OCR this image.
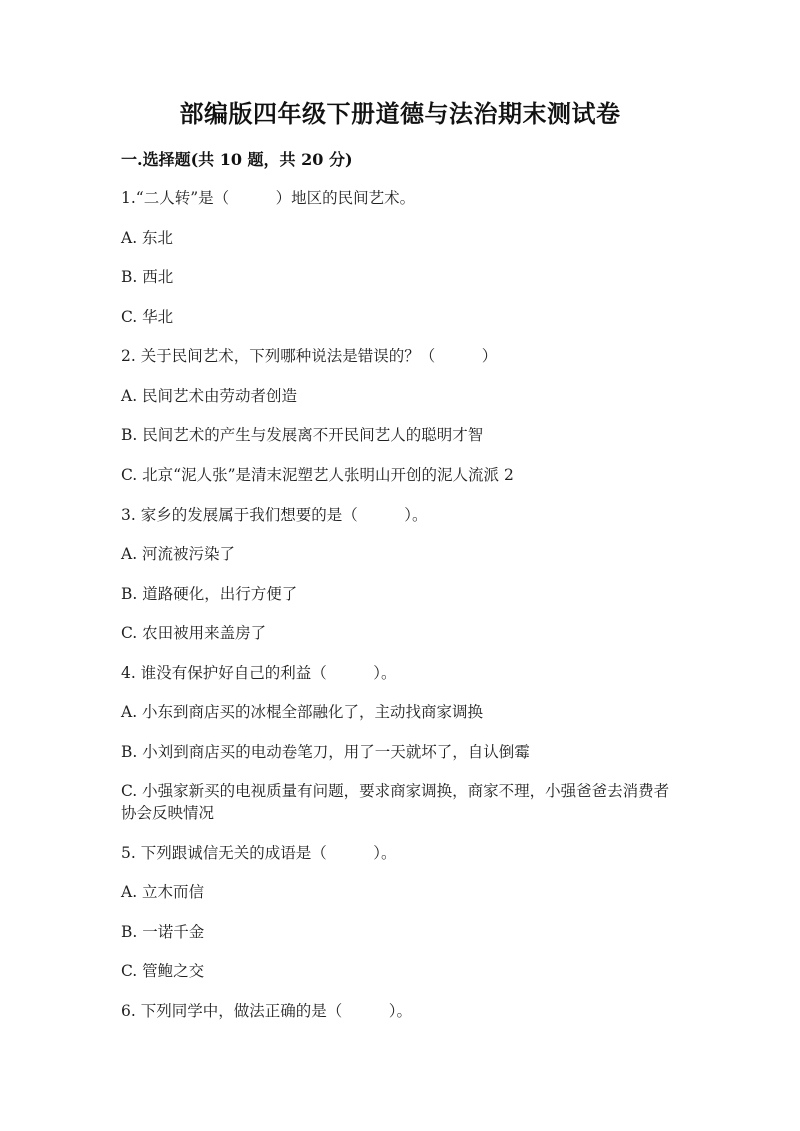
部编版四年级下册道德与法治期末测试卷
一.选择题(共 10 题，共 20 分)
1.“二人转”是（　　　）地区的民间艺术。
A. 东北
B. 西北
C. 华北
2. 关于民间艺术，下列哪种说法是错误的？（　　　）
A. 民间艺术由劳动者创造
B. 民间艺术的产生与发展离不开民间艺人的聪明才智
C. 北京“泥人张”是清末泥塑艺人张明山开创的泥人流派 2
3. 家乡的发展属于我们想要的是（　　　）。
A. 河流被污染了
B. 道路硬化，出行方便了
C. 农田被用来盖房了
4. 谁没有保护好自己的利益（　　　）。
A. 小东到商店买的冰棍全部融化了，主动找商家调换
B. 小刘到商店买的电动卷笔刀，用了一天就坏了，自认倒霉
C. 小强家新买的电视质量有问题，要求商家调换，商家不理，小强爸爸去消费者协会反映情况
5. 下列跟诚信无关的成语是（　　　）。
A. 立木而信
B. 一诺千金
C. 管鲍之交
6. 下列同学中，做法正确的是（　　　）。
